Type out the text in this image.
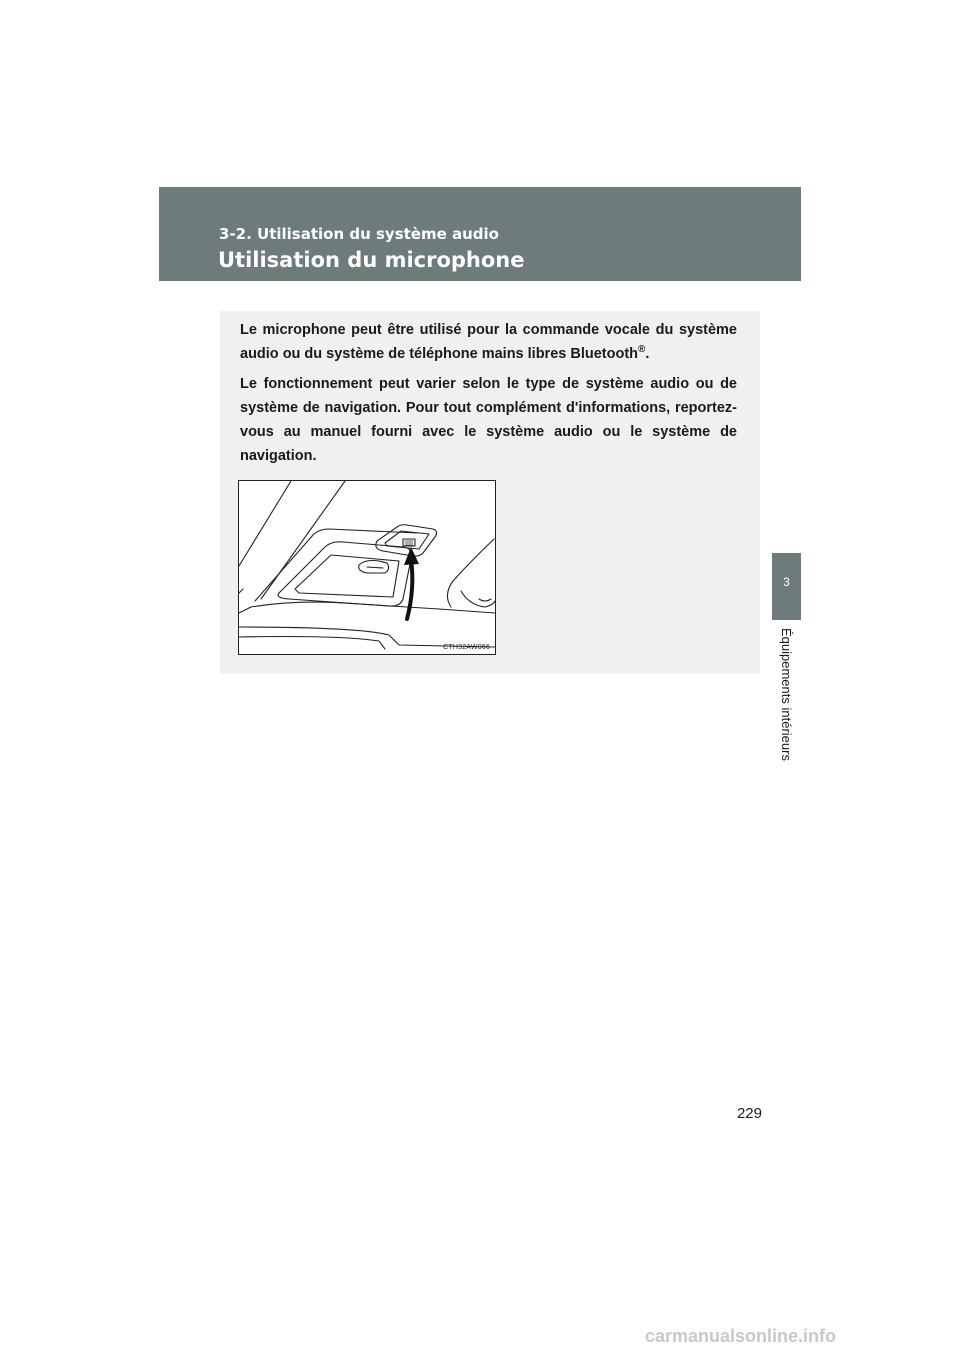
3-2. Utilisation du système audio
Utilisation du microphone
3
Équipements intérieurs

Le microphone peut être utilisé pour la commande vocale du système audio ou du système de téléphone mains libres Bluetooth®.

Le fonctionnement peut varier selon le type de système audio ou de système de navigation. Pour tout complément d'informations, reportez-vous au manuel fourni avec le système audio ou le système de navigation.

CTH32AW066
229
carmanualsonline.info
